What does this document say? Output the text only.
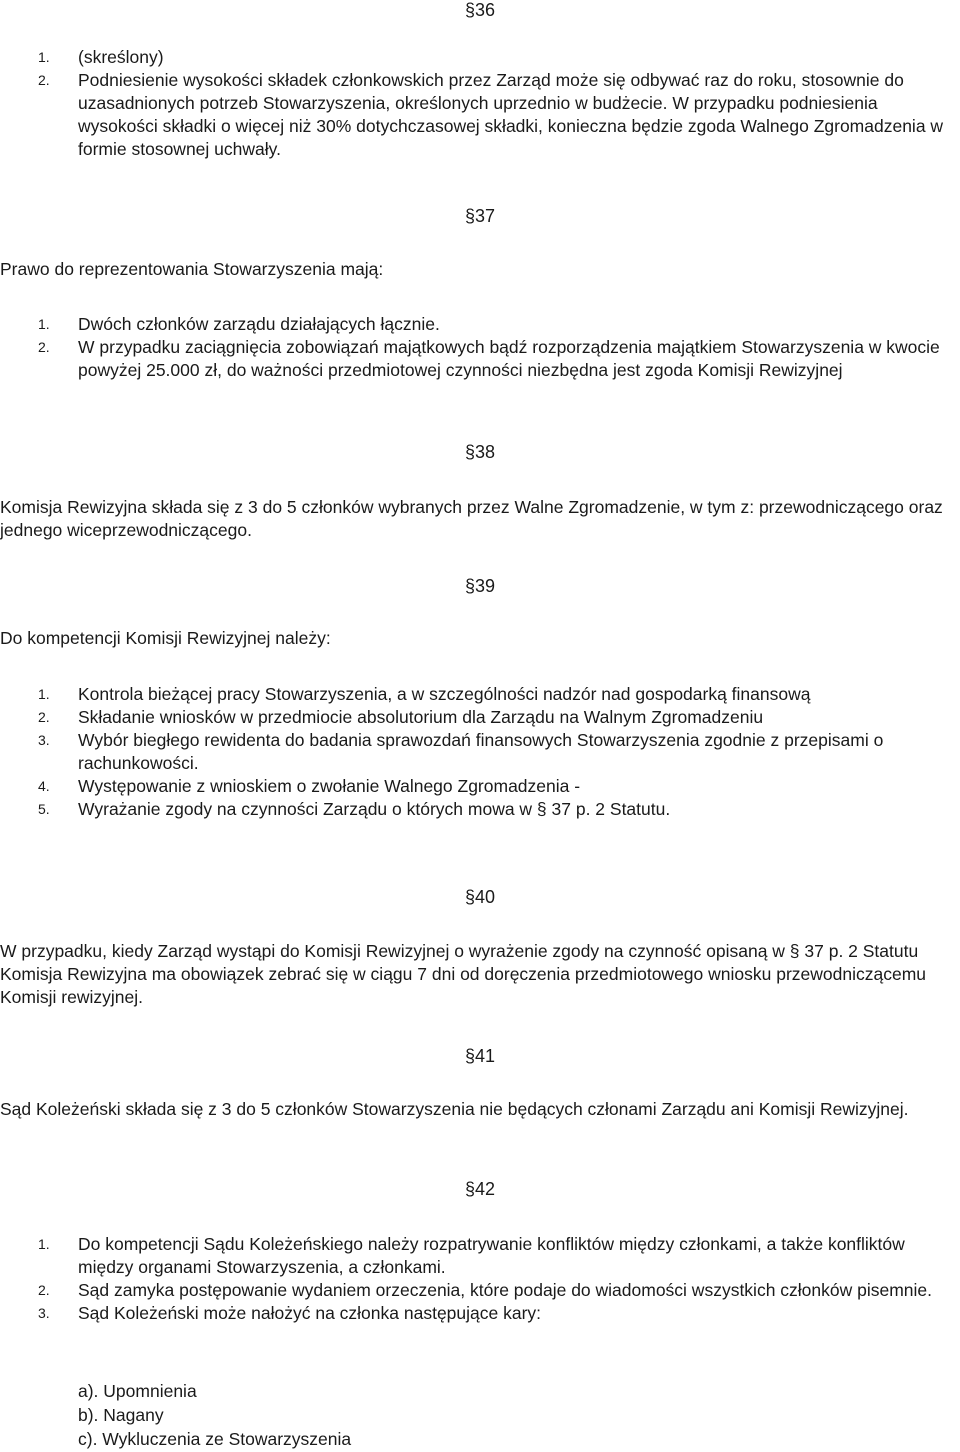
§36
1. (skreślony)
2. Podniesienie wysokości składek członkowskich przez Zarząd może się odbywać raz do roku, stosownie do uzasadnionych potrzeb Stowarzyszenia, określonych uprzednio w budżecie. W przypadku podniesienia wysokości składki o więcej niż 30% dotychczasowej składki, konieczna będzie zgoda Walnego Zgromadzenia w formie stosownej uchwały.
§37
Prawo do reprezentowania Stowarzyszenia mają:
1. Dwóch członków zarządu działających łącznie.
2. W przypadku zaciągnięcia zobowiązań majątkowych bądź rozporządzenia majątkiem Stowarzyszenia w kwocie powyżej 25.000 zł, do ważności przedmiotowej czynności niezbędna jest zgoda Komisji Rewizyjnej
§38
Komisja Rewizyjna składa się z 3 do 5 członków wybranych przez Walne Zgromadzenie, w tym z: przewodniczącego oraz jednego wiceprzewodniczącego.
§39
Do kompetencji Komisji Rewizyjnej należy:
1. Kontrola bieżącej pracy Stowarzyszenia, a w szczególności nadzór nad gospodarką finansową
2. Składanie wniosków w przedmiocie absolutorium dla Zarządu na Walnym Zgromadzeniu
3. Wybór biegłego rewidenta do badania sprawozdań finansowych Stowarzyszenia zgodnie z przepisami o rachunkowości.
4. Występowanie z wnioskiem o zwołanie Walnego Zgromadzenia -
5. Wyrażanie zgody na czynności Zarządu o których mowa w § 37 p. 2 Statutu.
§40
W przypadku, kiedy Zarząd wystąpi do Komisji Rewizyjnej o wyrażenie zgody na czynność opisaną w § 37 p. 2 Statutu Komisja Rewizyjna ma obowiązek zebrać się w ciągu 7 dni od doręczenia przedmiotowego wniosku przewodniczącemu Komisji rewizyjnej.
§41
Sąd Koleżeński składa się z 3 do 5 członków Stowarzyszenia nie będących członami Zarządu ani Komisji Rewizyjnej.
§42
1. Do kompetencji Sądu Koleżeńskiego należy rozpatrywanie konfliktów między członkami, a także konfliktów między organami Stowarzyszenia, a członkami.
2. Sąd zamyka postępowanie wydaniem orzeczenia, które podaje do wiadomości wszystkich członków pisemnie.
3. Sąd Koleżeński może nałożyć na członka następujące kary:
a). Upomnienia
b). Nagany
c). Wykluczenia ze Stowarzyszenia
